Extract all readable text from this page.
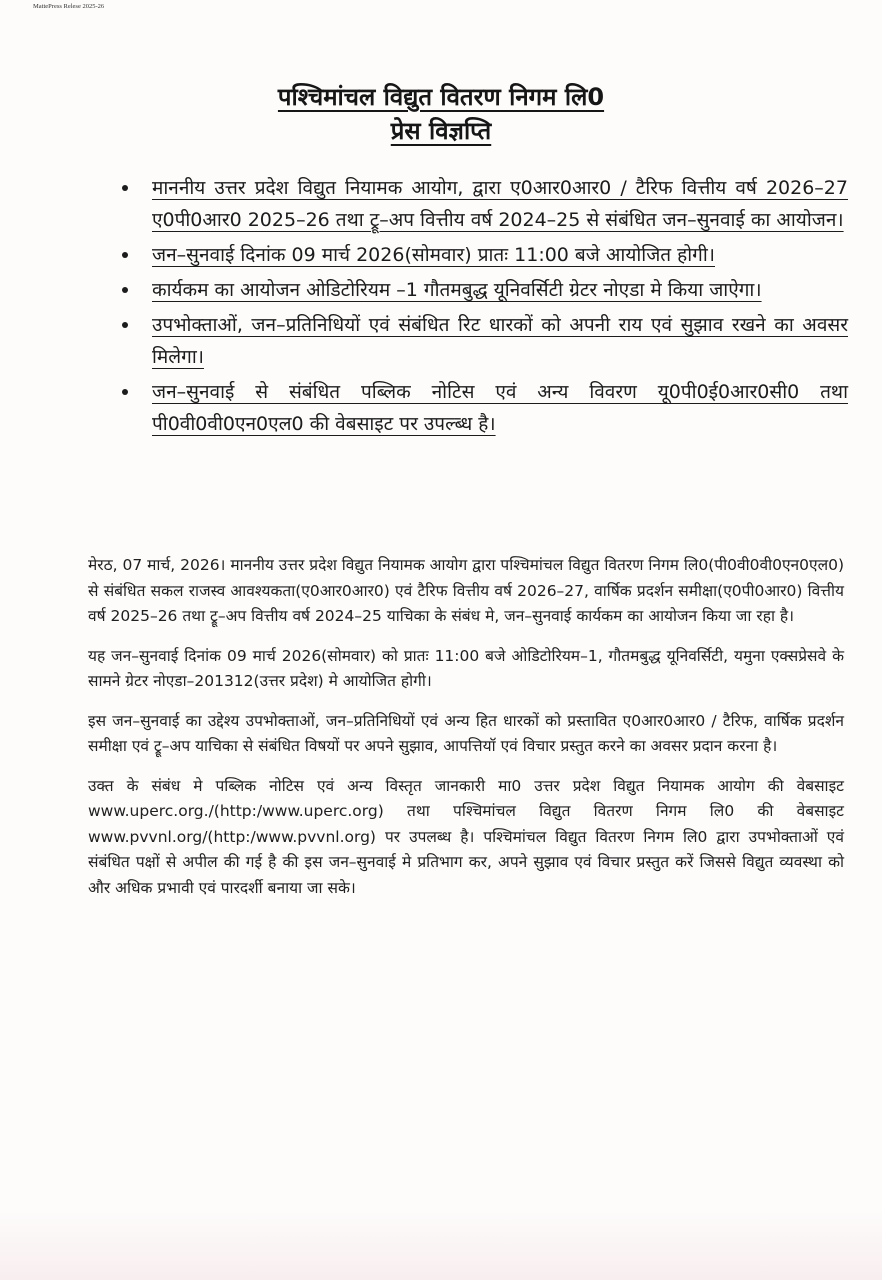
MattePress Relese 2025-26
पश्चिमांचल विद्युत वितरण निगम लि0
प्रेस विज्ञप्ति
माननीय उत्तर प्रदेश विद्युत नियामक आयोग, द्वारा ए0आर0आर0 / टैरिफ वित्तीय वर्ष 2026–27 ए0पी0आर0 2025–26 तथा ट्रू–अप वित्तीय वर्ष 2024–25 से संबंधित जन–सुनवाई का आयोजन।
जन–सुनवाई दिनांक 09 मार्च 2026(सोमवार) प्रातः 11:00 बजे आयोजित होगी।
कार्यकम का आयोजन ओडिटोरियम –1 गौतमबुद्ध यूनिवर्सिटी ग्रेटर नोएडा मे किया जाऐगा।
उपभोक्ताओं, जन–प्रतिनिधियों एवं संबंधित रिट धारकों को अपनी राय एवं सुझाव रखने का अवसर मिलेगा।
जन–सुनवाई से संबंधित पब्लिक नोटिस एवं अन्य विवरण यू0पी0ई0आर0सी0 तथा पी0वी0वी0एन0एल0 की वेबसाइट पर उपल्ब्ध है।

मेरठ, 07 मार्च, 2026। माननीय उत्तर प्रदेश विद्युत नियामक आयोग द्वारा पश्चिमांचल विद्युत वितरण निगम लि0(पी0वी0वी0एन0एल0) से संबंधित सकल राजस्व आवश्यकता(ए0आर0आर0) एवं टैरिफ वित्तीय वर्ष 2026–27, वार्षिक प्रदर्शन समीक्षा(ए0पी0आर0) वित्तीय वर्ष 2025–26 तथा ट्रू–अप वित्तीय वर्ष 2024–25 याचिका के संबंध मे, जन–सुनवाई कार्यकम का आयोजन किया जा रहा है।

यह जन–सुनवाई दिनांक 09 मार्च 2026(सोमवार) को प्रातः 11:00 बजे ओडिटोरियम–1, गौतमबुद्ध यूनिवर्सिटी, यमुना एक्सप्रेसवे के सामने ग्रेटर नोएडा–201312(उत्तर प्रदेश) मे आयोजित होगी।

इस जन–सुनवाई का उद्देश्य उपभोक्ताओं, जन–प्रतिनिधियों एवं अन्य हित धारकों को प्रस्तावित ए0आर0आर0 / टैरिफ, वार्षिक प्रदर्शन समीक्षा एवं ट्रू–अप याचिका से संबंधित विषयों पर अपने सुझाव, आपत्तियॉ एवं विचार प्रस्तुत करने का अवसर प्रदान करना है।

उक्त के संबंध मे पब्लिक नोटिस एवं अन्य विस्तृत जानकारी मा0 उत्तर प्रदेश विद्युत नियामक आयोग की वेबसाइट www.uperc.org./(http:/www.uperc.org) तथा पश्चिमांचल विद्युत वितरण निगम लि0 की वेबसाइट www.pvvnl.org/(http:/www.pvvnl.org) पर उपलब्ध है। पश्चिमांचल विद्युत वितरण निगम लि0 द्वारा उपभोक्ताओं एवं संबंधित पक्षों से अपील की गई है की इस जन–सुनवाई मे प्रतिभाग कर, अपने सुझाव एवं विचार प्रस्तुत करें जिससे विद्युत व्यवस्था को और अधिक प्रभावी एवं पारदर्शी बनाया जा सके।
